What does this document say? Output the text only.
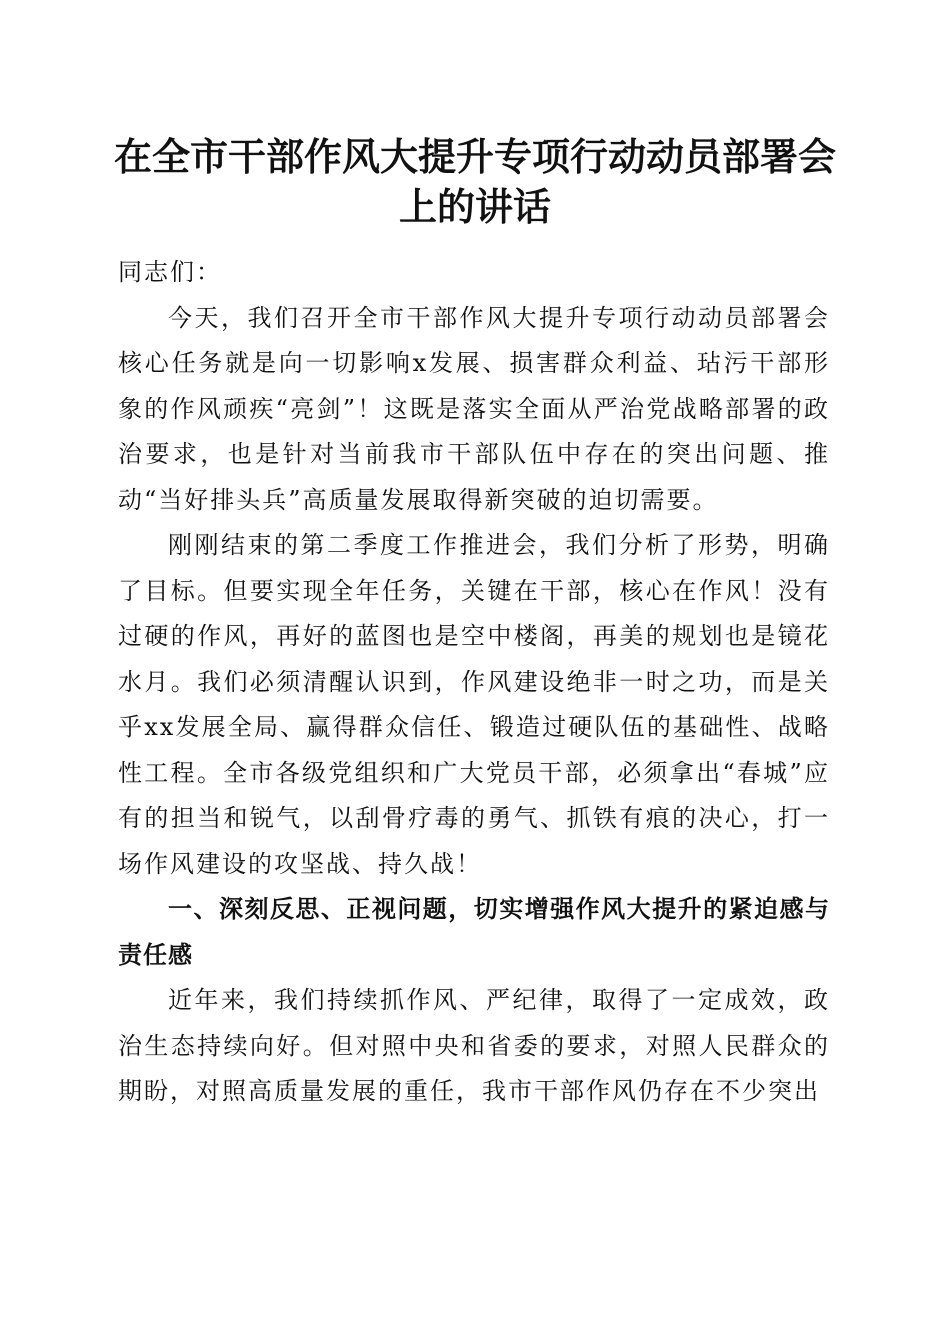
在全市干部作风大提升专项行动动员部署会上的讲话

同志们：

今天，我们召开全市干部作风大提升专项行动动员部署会核心任务就是向一切影响x发展、损害群众利益、玷污干部形象的作风顽疾“亮剑”！这既是落实全面从严治党战略部署的政治要求，也是针对当前我市干部队伍中存在的突出问题、推动“当好排头兵”高质量发展取得新突破的迫切需要。

刚刚结束的第二季度工作推进会，我们分析了形势，明确了目标。但要实现全年任务，关键在干部，核心在作风！没有过硬的作风，再好的蓝图也是空中楼阁，再美的规划也是镜花水月。我们必须清醒认识到，作风建设绝非一时之功，而是关乎xx发展全局、赢得群众信任、锻造过硬队伍的基础性、战略性工程。全市各级党组织和广大党员干部，必须拿出“春城”应有的担当和锐气，以刮骨疗毒的勇气、抓铁有痕的决心，打一场作风建设的攻坚战、持久战！

一、深刻反思、正视问题，切实增强作风大提升的紧迫感与责任感

近年来，我们持续抓作风、严纪律，取得了一定成效，政治生态持续向好。但对照中央和省委的要求，对照人民群众的期盼，对照高质量发展的重任，我市干部作风仍存在不少突出
